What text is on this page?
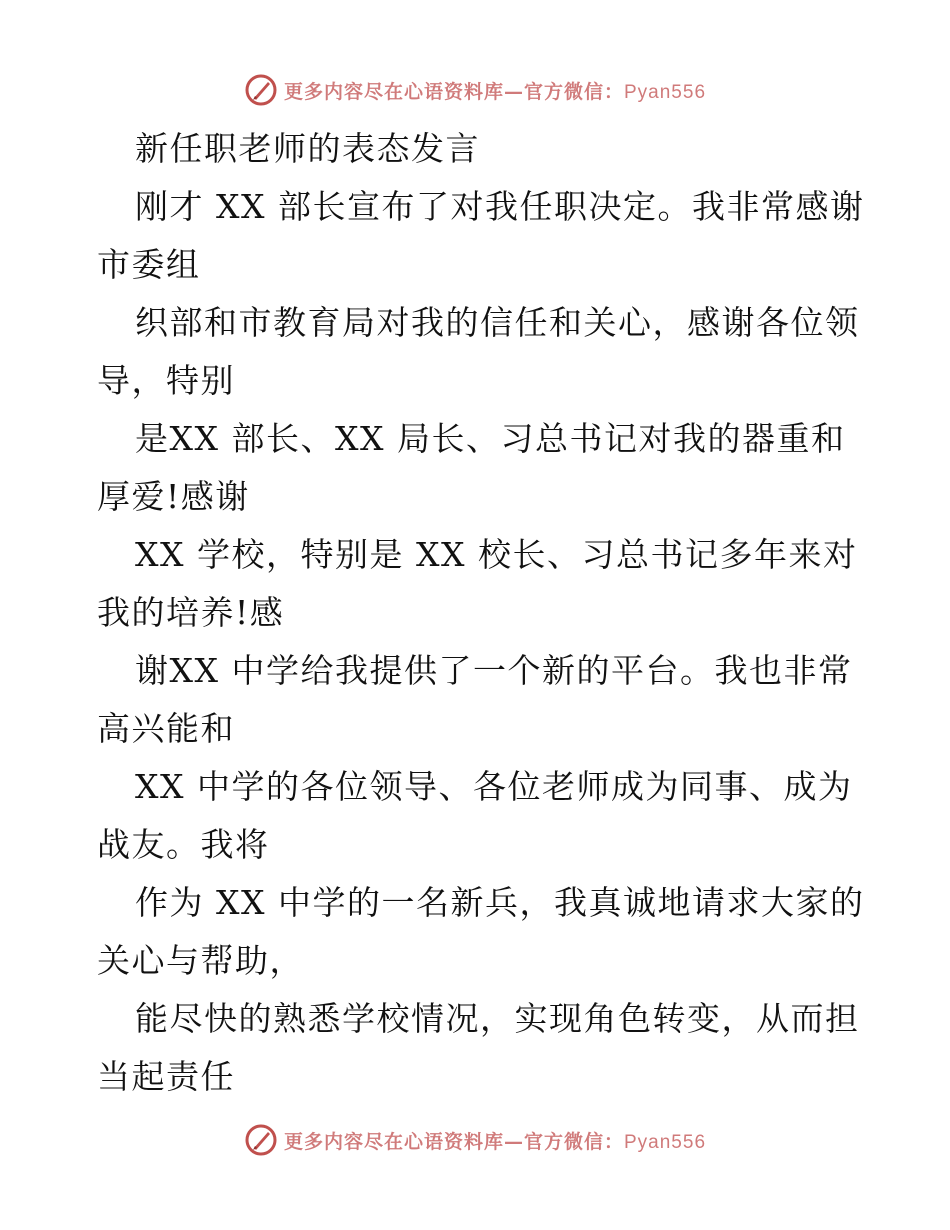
更多内容尽在心语资料库—官方微信：Pyan556

新任职老师的表态发言

刚才 XX 部长宣布了对我任职决定。我非常感谢

市委组

织部和市教育局对我的信任和关心，感谢各位领

导，特别

是XX 部长、XX 局长、习总书记对我的器重和

厚爱!感谢

XX 学校，特别是 XX 校长、习总书记多年来对

我的培养!感

谢XX 中学给我提供了一个新的平台。我也非常

高兴能和

XX 中学的各位领导、各位老师成为同事、成为

战友。我将

作为 XX 中学的一名新兵，我真诚地请求大家的

关心与帮助，

能尽快的熟悉学校情况，实现角色转变，从而担

当起责任

更多内容尽在心语资料库—官方微信：Pyan556
